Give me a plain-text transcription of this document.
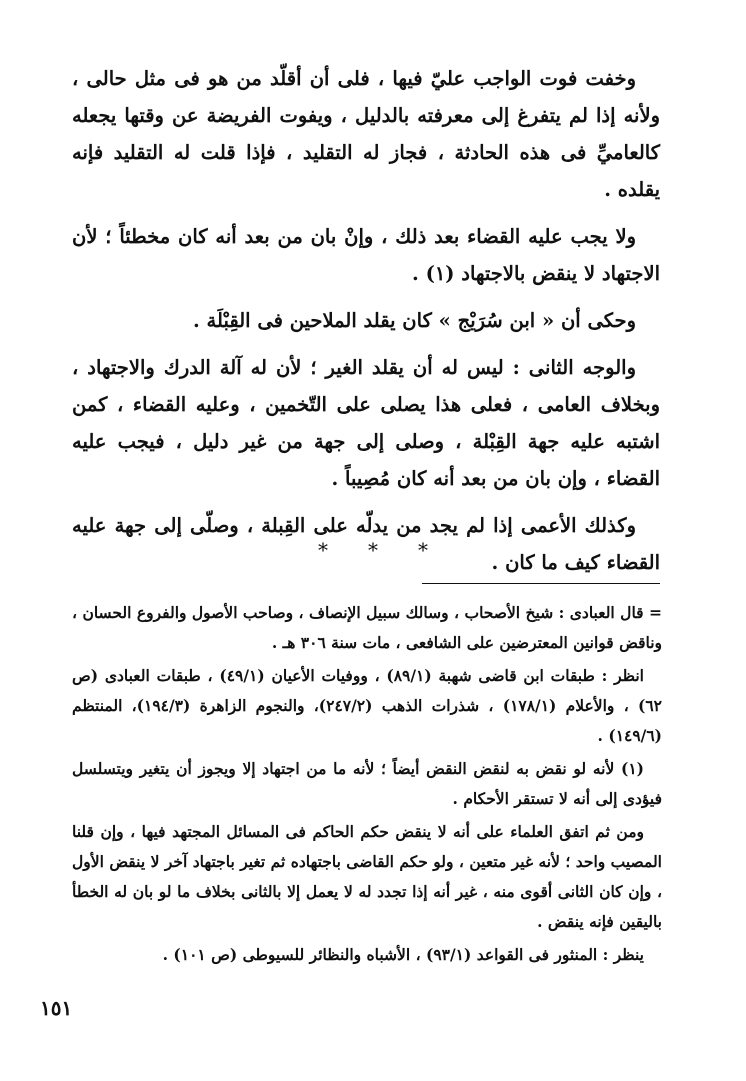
وخفت فوت الواجب عليّ فيها ، فلى أن أقلّد من هو فى مثل حالى ، ولأنه إذا لم يتفرغ إلى معرفته بالدليل ، ويفوت الفريضة عن وقتها يجعله كالعاميِّ فى هذه الحادثة ، فجاز له التقليد ، فإذا قلت له التقليد فإنه يقلده .

ولا يجب عليه القضاء بعد ذلك ، وإنْ بان من بعد أنه كان مخطئاً ؛ لأن الاجتهاد لا ينقض بالاجتهاد (١) .

وحكى أن « ابن سُرَيْج » كان يقلد الملاحين فى القِبْلَة .

والوجه الثانى : ليس له أن يقلد الغير ؛ لأن له آلة الدرك والاجتهاد ، وبخلاف العامى ، فعلى هذا يصلى على التّخمين ، وعليه القضاء ، كمن اشتبه عليه جهة القِبْلة ، وصلى إلى جهة من غير دليل ، فيجب عليه القضاء ، وإن بان من بعد أنه كان مُصِيباً .

وكذلك الأعمى إذا لم يجد من يدلّه على القِبلة ، وصلّى إلى جهة عليه القضاء كيف ما كان .

* * *

= قال العبادى : شيخ الأصحاب ، وسالك سبيل الإنصاف ، وصاحب الأصول والفروع الحسان ، وناقض قوانين المعترضين على الشافعى ، مات سنة ٣٠٦ هـ .

انظر : طبقات ابن قاضى شهبة (٨٩/١) ، ووفيات الأعيان (٤٩/١) ، طبقات العبادى (ص ٦٢) ، والأعلام (١٧٨/١) ، شذرات الذهب (٢٤٧/٢)، والنجوم الزاهرة (١٩٤/٣)، المنتظم (١٤٩/٦) .

(١) لأنه لو نقض به لنقض النقض أيضاً ؛ لأنه ما من اجتهاد إلا ويجوز أن يتغير ويتسلسل فيؤدى إلى أنه لا تستقر الأحكام .

ومن ثم اتفق العلماء على أنه لا ينقض حكم الحاكم فى المسائل المجتهد فيها ، وإن قلنا المصيب واحد ؛ لأنه غير متعين ، ولو حكم القاضى باجتهاده ثم تغير باجتهاد آخر لا ينقض الأول ، وإن كان الثانى أقوى منه ، غير أنه إذا تجدد له لا يعمل إلا بالثانى بخلاف ما لو بان له الخطأ باليقين فإنه ينقض .

ينظر : المنثور فى القواعد (٩٣/١) ، الأشباه والنظائر للسيوطى (ص ١٠١) .

١٥١
